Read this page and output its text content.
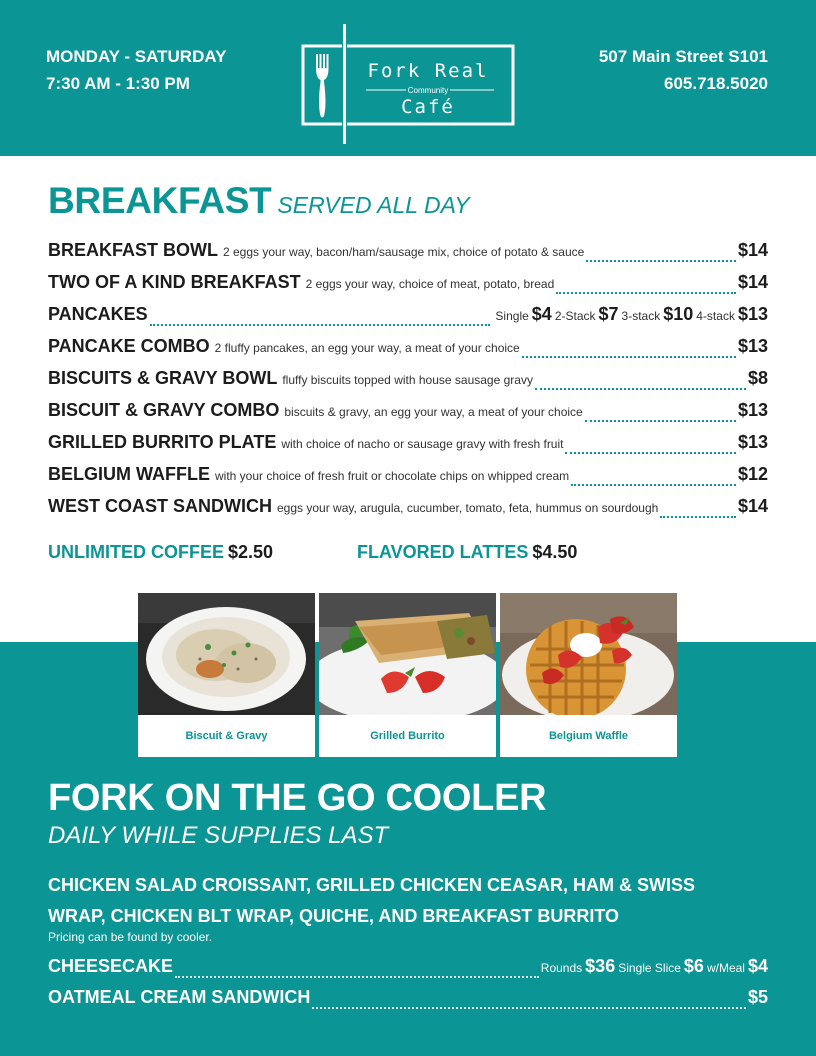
MONDAY - SATURDAY
7:30 AM - 1:30 PM
Fork Real
Community
Café
507 Main Street S101
605.718.5020
BREAKFAST SERVED ALL DAY
BREAKFAST BOWL 2 eggs your way, bacon/ham/sausage mix, choice of potato & sauce	$14
TWO OF A KIND BREAKFAST 2 eggs your way, choice of meat, potato, bread	$14
PANCAKES	Single $4 2-Stack $7 3-stack $10 4-stack $13
PANCAKE COMBO 2 fluffy pancakes, an egg your way, a meat of your choice	$13
BISCUITS & GRAVY BOWL fluffy biscuits topped with house sausage gravy	$8
BISCUIT & GRAVY COMBO biscuits & gravy, an egg your way, a meat of your choice	$13
GRILLED BURRITO PLATE with choice of nacho or sausage gravy with fresh fruit	$13
BELGIUM WAFFLE with your choice of fresh fruit or chocolate chips on whipped cream	$12
WEST COAST SANDWICH eggs your way, arugula, cucumber, tomato, feta, hummus on sourdough	$14
UNLIMITED COFFEE $2.50	FLAVORED LATTES $4.50
Biscuit & Gravy	Grilled Burrito	Belgium Waffle
FORK ON THE GO COOLER
DAILY WHILE SUPPLIES LAST
CHICKEN SALAD CROISSANT, GRILLED CHICKEN CEASAR, HAM & SWISS WRAP, CHICKEN BLT WRAP, QUICHE, AND BREAKFAST BURRITO
Pricing can be found by cooler.
CHEESECAKE	Rounds $36 Single Slice $6 w/Meal $4
OATMEAL CREAM SANDWICH	$5
